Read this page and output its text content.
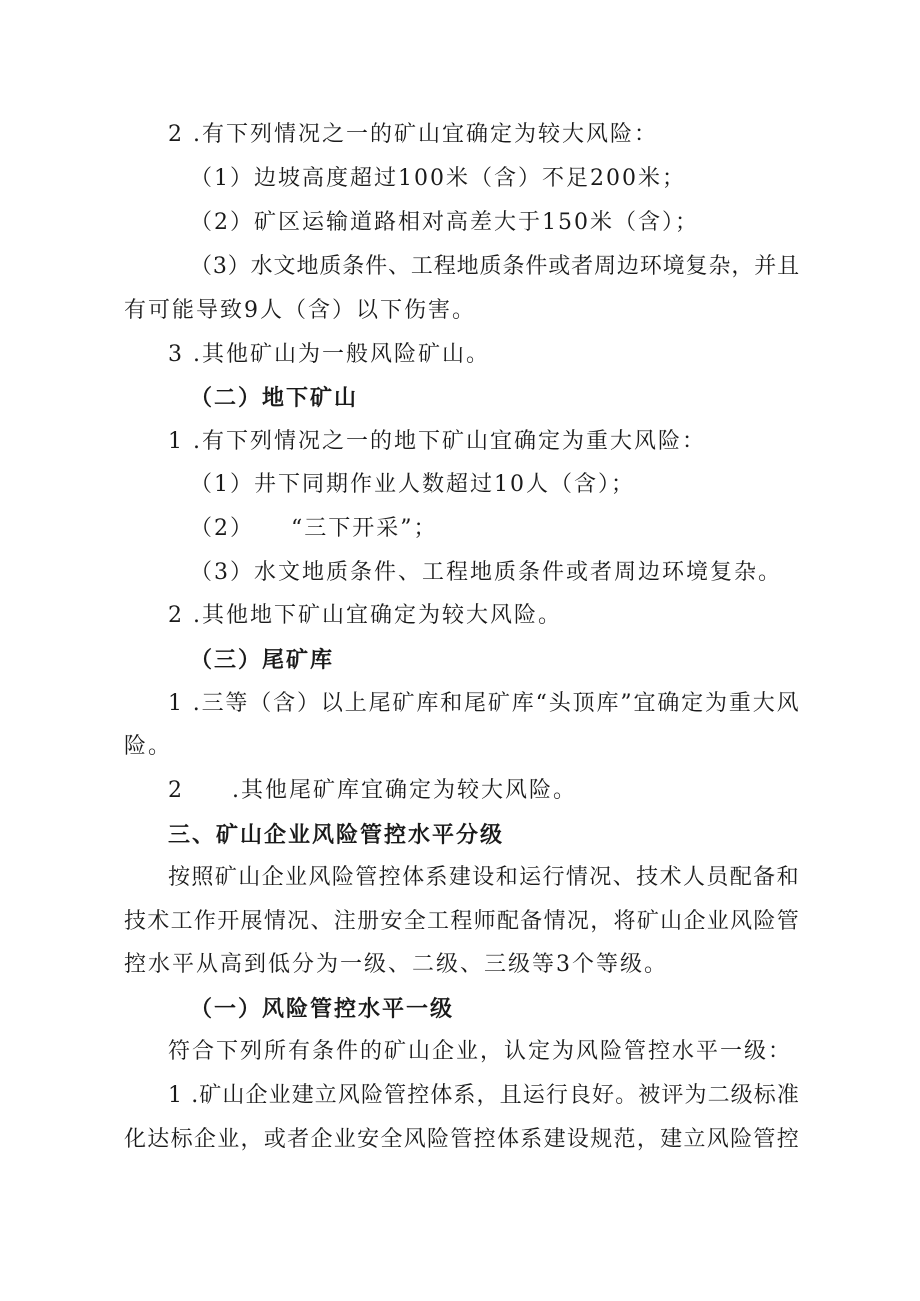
2 .有下列情况之一的矿山宜确定为较大风险：
（1）边坡高度超过100米（含）不足200米；
（2）矿区运输道路相对高差大于150米（含）；
（3）水文地质条件、工程地质条件或者周边环境复杂，并且
有可能导致9人（含）以下伤害。
3 .其他矿山为一般风险矿山。
（二）地下矿山
1 .有下列情况之一的地下矿山宜确定为重大风险：
（1）井下同期作业人数超过10人（含）；
（2）　　“三下开采”；
（3）水文地质条件、工程地质条件或者周边环境复杂。
2 .其他地下矿山宜确定为较大风险。
（三）尾矿库
1 .三等（含）以上尾矿库和尾矿库“头顶库”宜确定为重大风
险。
2　　.其他尾矿库宜确定为较大风险。
三、矿山企业风险管控水平分级
按照矿山企业风险管控体系建设和运行情况、技术人员配备和
技术工作开展情况、注册安全工程师配备情况，将矿山企业风险管
控水平从高到低分为一级、二级、三级等3个等级。
（一）风险管控水平一级
符合下列所有条件的矿山企业，认定为风险管控水平一级：
1 .矿山企业建立风险管控体系，且运行良好。被评为二级标准
化达标企业，或者企业安全风险管控体系建设规范，建立风险管控
